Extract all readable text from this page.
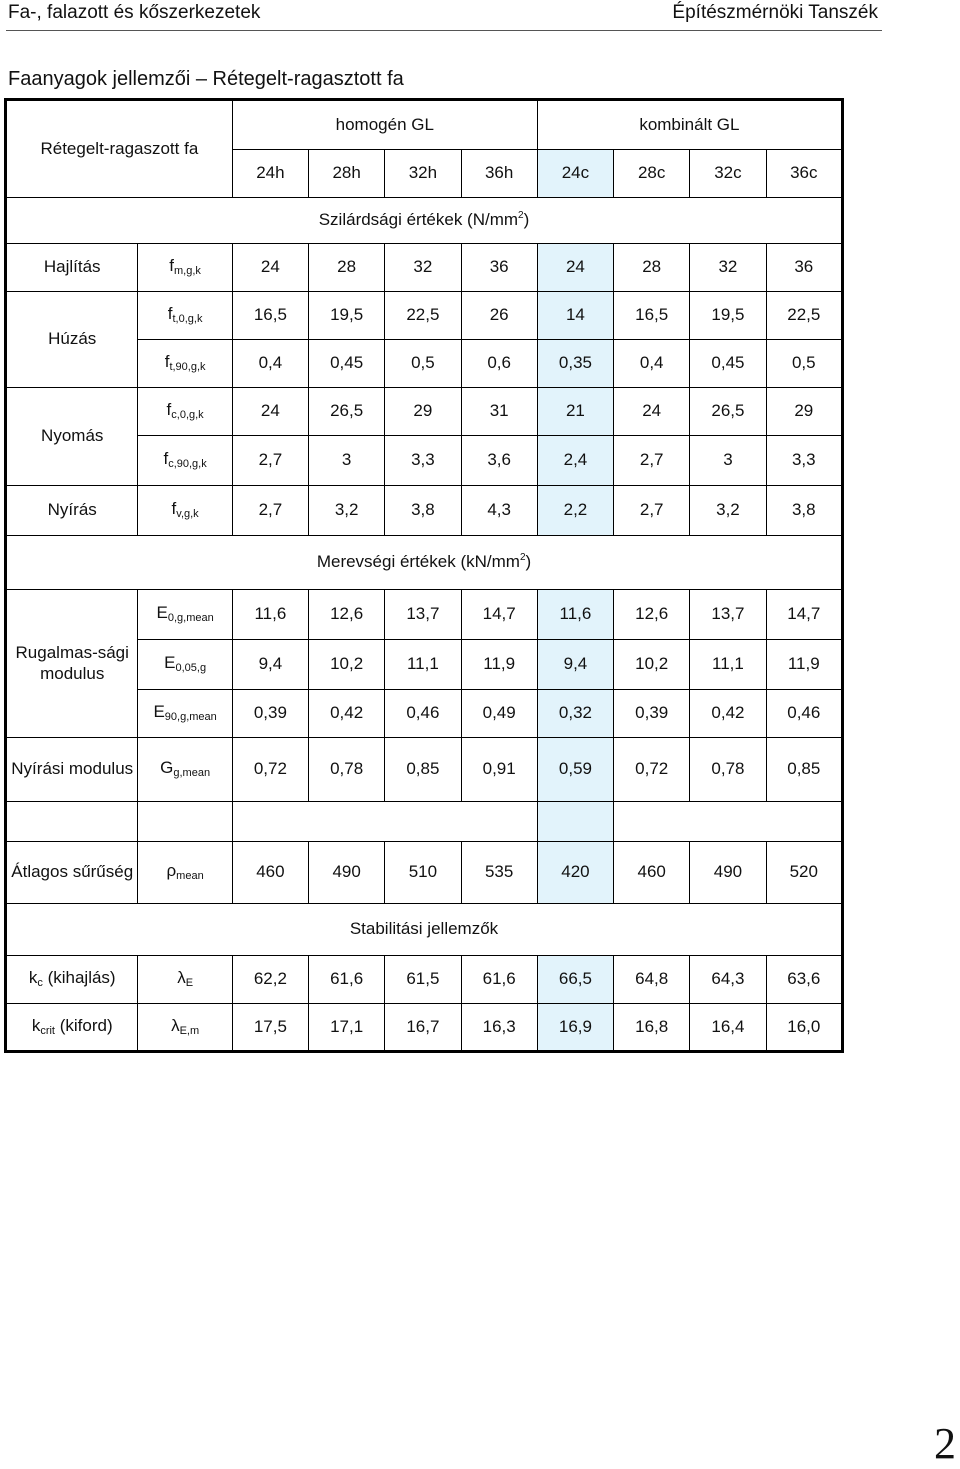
Fa-, falazott és kőszerkezetek	Építészmérnöki Tanszék
Faanyagok jellemzői – Rétegelt-ragasztott fa
Rétegelt-ragaszott fa		homogén GL				kombinált GL			
		24h	28h	32h	36h	24c	28c	32c	36c
Szilárdsági értékek $(N/mm^2)$									
Hajlítás	$f_{m,g,k}$	24	28	32	36	24	28	32	36
Húzás	$f_{t,0,g,k}$	16,5	19,5	22,5	26	14	16,5	19,5	22,5
	$f_{t,90,g,k}$	0,4	0,45	0,5	0,6	0,35	0,4	0,45	0,5
Nyomás	$f_{c,0,g,k}$	24	26,5	29	31	21	24	26,5	29
	$f_{c,90,g,k}$	2,7	3	3,3	3,6	2,4	2,7	3	3,3
Nyírás	$f_{v,g,k}$	2,7	3,2	3,8	4,3	2,2	2,7	3,2	3,8
Merevségi értékek $(kN/mm^2)$									
Rugalmas-sági modulus	$E_{0,g,mean}$	11,6	12,6	13,7	14,7	11,6	12,6	13,7	14,7
	$E_{0,05,g}$	9,4	10,2	11,1	11,9	9,4	10,2	11,1	11,9
	$E_{90,g,mean}$	0,39	0,42	0,46	0,49	0,32	0,39	0,42	0,46
Nyírási modulus	$G_{g,mean}$	0,72	0,78	0,85	0,91	0,59	0,72	0,78	0,85

Átlagos sűrűség	$\rho_{mean}$	460	490	510	535	420	460	490	520
Stabilitási jellemzők									
$k_c$ (kihajlás)	$\lambda_E$	62,2	61,6	61,5	61,6	66,5	64,8	64,3	63,6
$k_{crit}$ (kiford)	$\lambda_{E,m}$	17,5	17,1	16,7	16,3	16,9	16,8	16,4	16,0
2
